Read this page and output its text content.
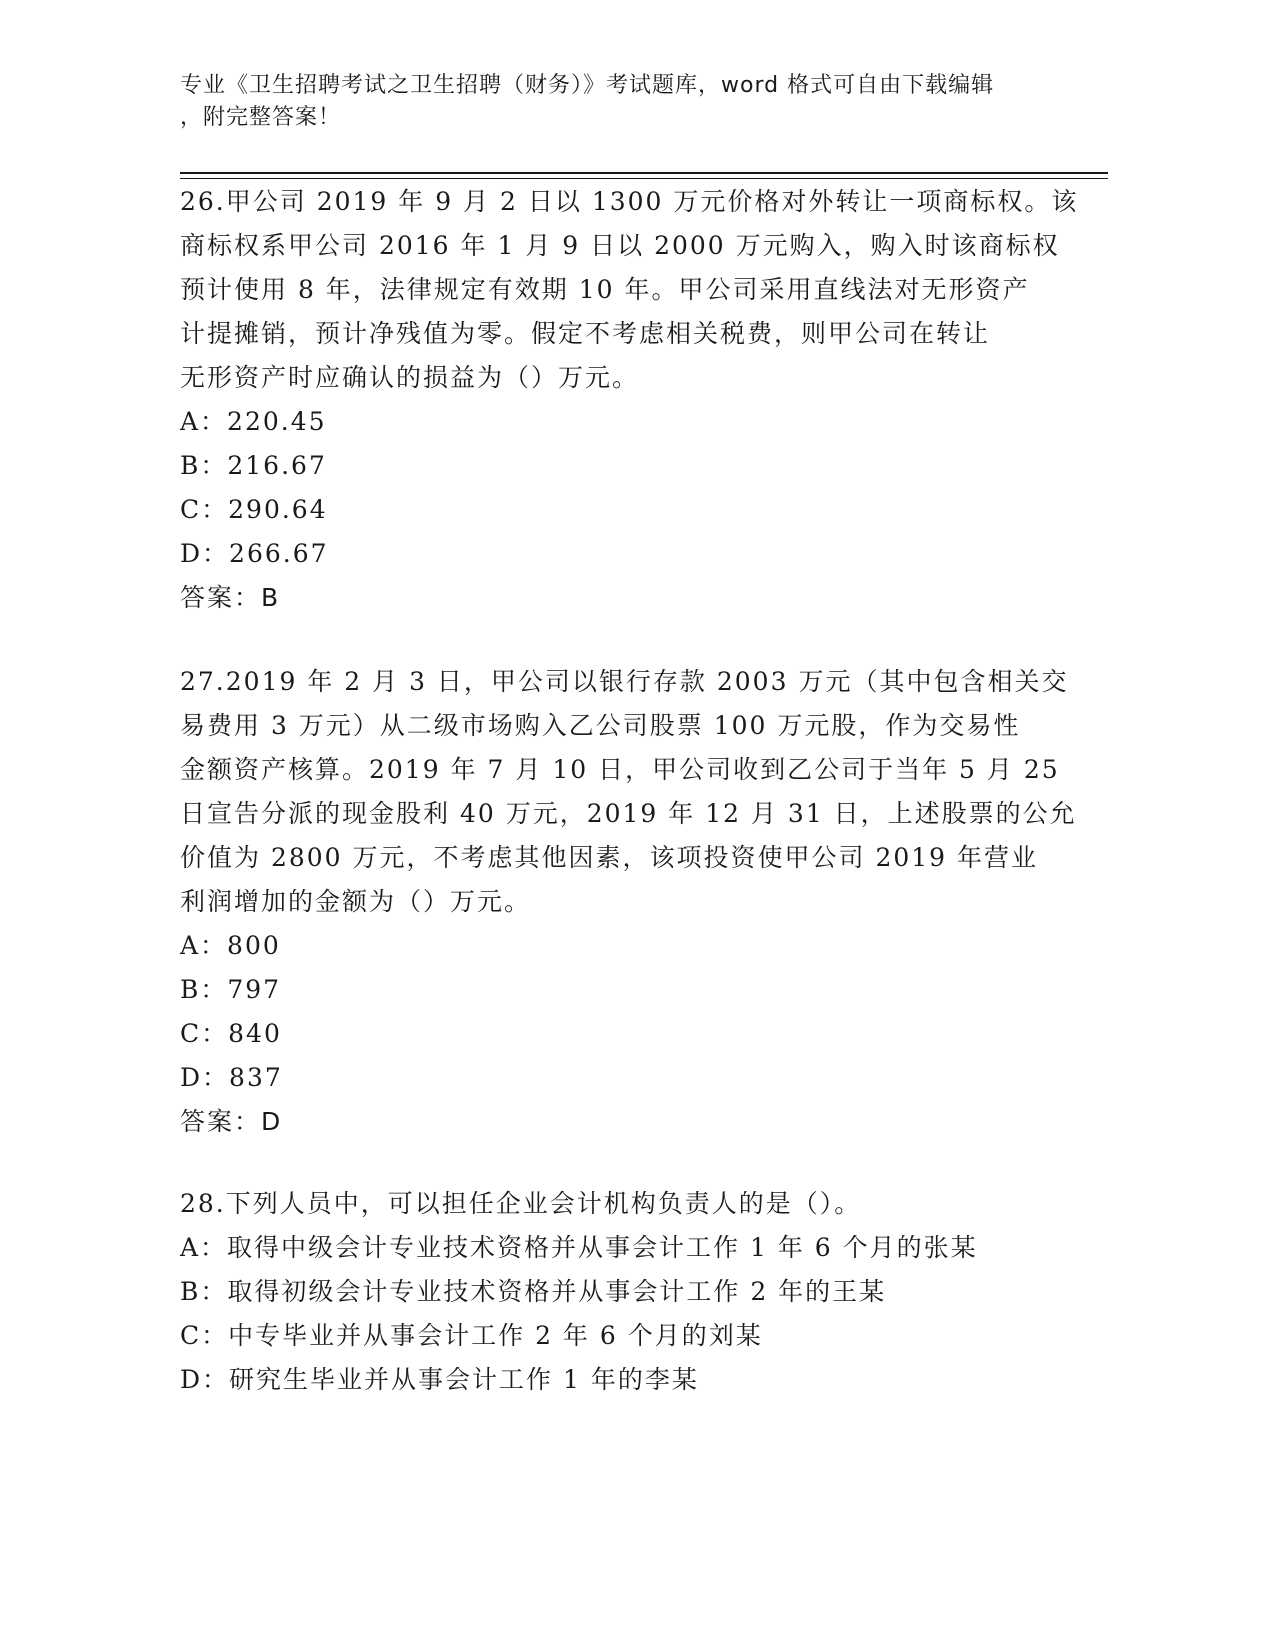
专业《卫生招聘考试之卫生招聘（财务）》考试题库，word 格式可自由下载编辑
，附完整答案！
26.甲公司 2019 年 9 月 2 日以 1300 万元价格对外转让一项商标权。该
商标权系甲公司 2016 年 1 月 9 日以 2000 万元购入，购入时该商标权
预计使用 8 年，法律规定有效期 10 年。甲公司采用直线法对无形资产
计提摊销，预计净残值为零。假定不考虑相关税费，则甲公司在转让
无形资产时应确认的损益为（）万元。
A：220.45
B：216.67
C：290.64
D：266.67
答案：B
27.2019 年 2 月 3 日，甲公司以银行存款 2003 万元（其中包含相关交
易费用 3 万元）从二级市场购入乙公司股票 100 万元股，作为交易性
金额资产核算。2019 年 7 月 10 日，甲公司收到乙公司于当年 5 月 25
日宣告分派的现金股利 40 万元，2019 年 12 月 31 日，上述股票的公允
价值为 2800 万元，不考虑其他因素，该项投资使甲公司 2019 年营业
利润增加的金额为（）万元。
A：800
B：797
C：840
D：837
答案：D
28.下列人员中，可以担任企业会计机构负责人的是（）。
A：取得中级会计专业技术资格并从事会计工作 1 年 6 个月的张某
B：取得初级会计专业技术资格并从事会计工作 2 年的王某
C：中专毕业并从事会计工作 2 年 6 个月的刘某
D：研究生毕业并从事会计工作 1 年的李某
